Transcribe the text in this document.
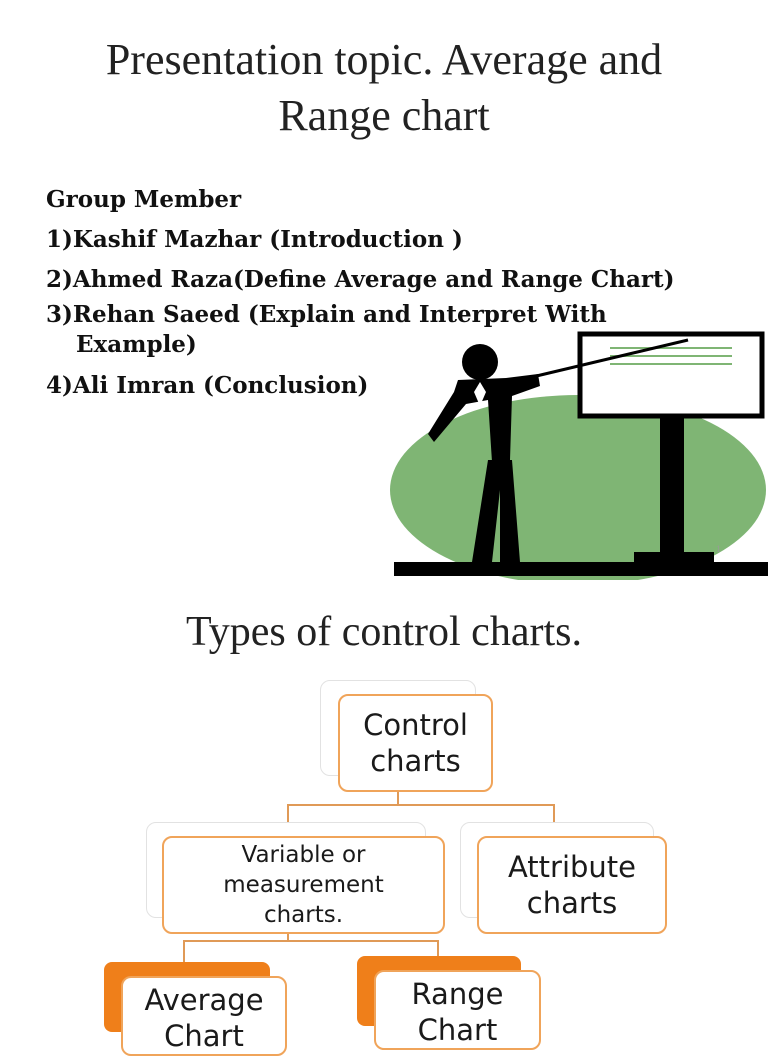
Presentation topic. Average and
Range chart
Group Member
1)Kashif Mazhar (Introduction )
2)Ahmed Raza(Define Average and Range Chart)
3)Rehan Saeed (Explain and Interpret With
Example)
4)Ali Imran (Conclusion)
1
Types of control charts.
Control
charts
Variable or
measurement
charts.
Attribute
charts
Average
Chart
Range
Chart
